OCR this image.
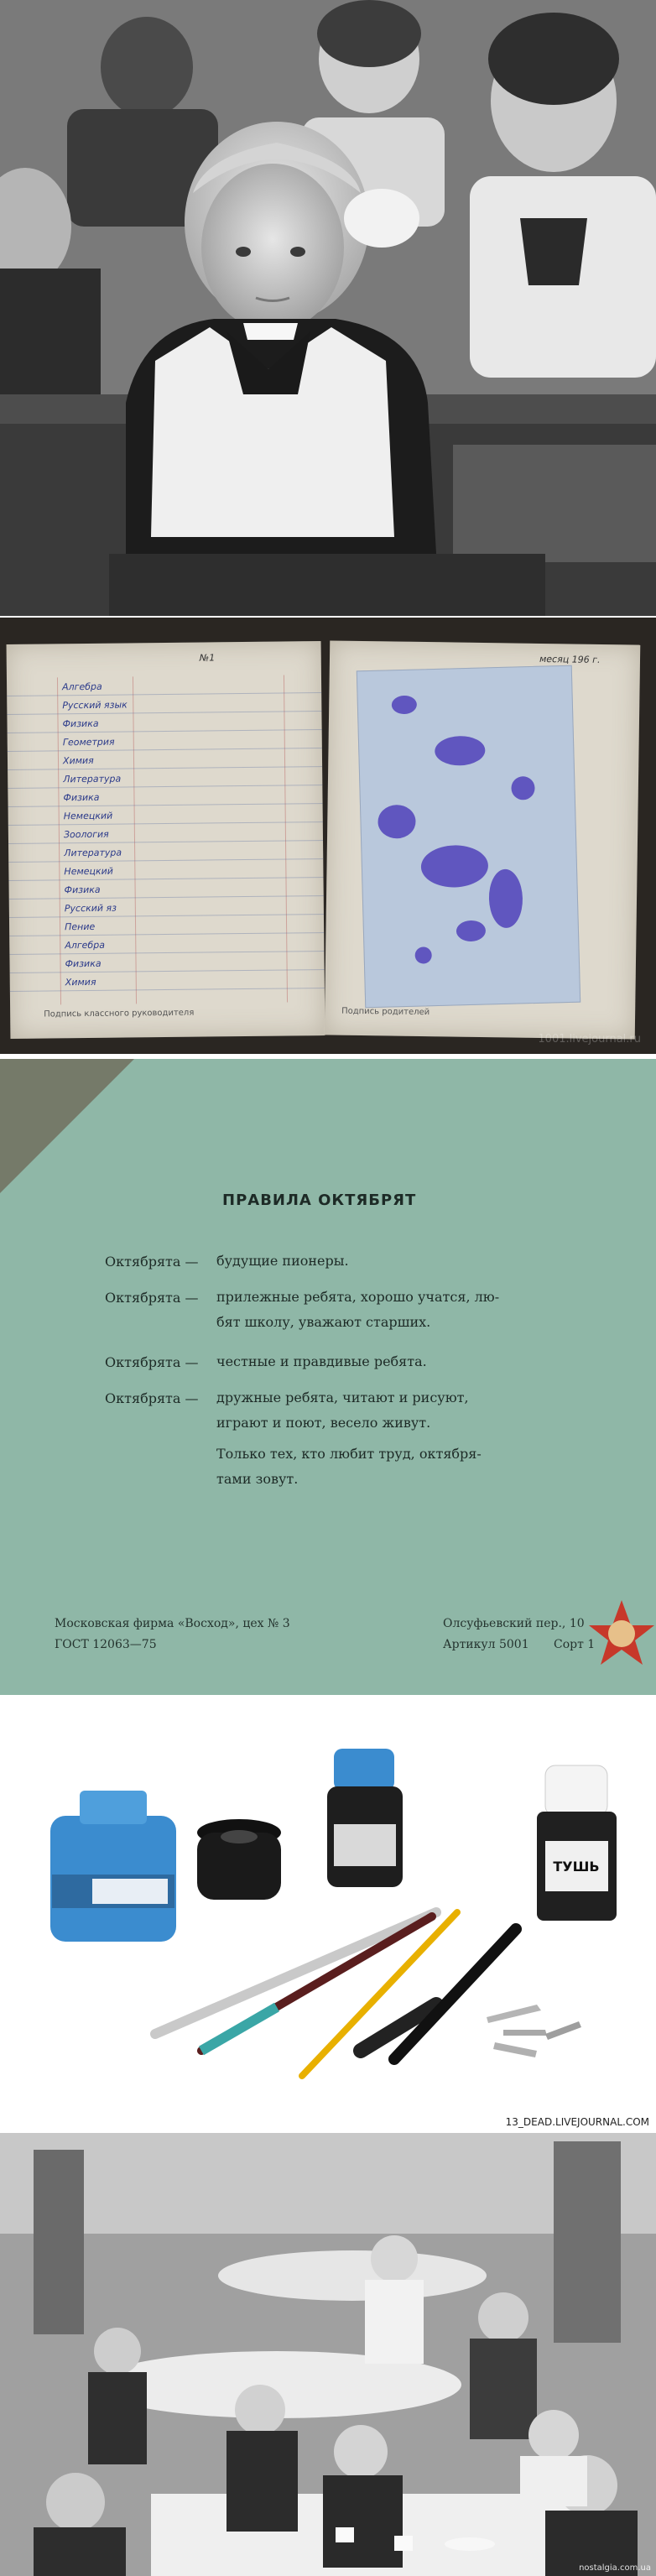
№1
Алгебра
Русский язык
Физика
Геометрия
Химия
Литература
Физика
Немецкий
Зоология
Литература
Немецкий
Физика
Русский яз
Пение
Алгебра
Физика
Химия
Подпись классного руководителя
месяц 196 г.
Подпись родителей
1001.livejournal.ru
ПРАВИЛА ОКТЯБРЯТ
Октябрята — будущие пионеры.
Октябрята — прилежные ребята, хорошо учатся, лю-
бят школу, уважают старших.
Октябрята — честные и правдивые ребята.
Октябрята — дружные ребята, читают и рисуют,
играют и поют, весело живут.
Только тех, кто любит труд, октября-
тами зовут.
Московская фирма «Восход», цех № 3
ГОСТ 12063—75
Олсуфьевский пер., 10
Артикул 5001 Сорт 1
ТУШЬ
13_DEAD.LIVEJOURNAL.COM
nostalgia.com.ua
